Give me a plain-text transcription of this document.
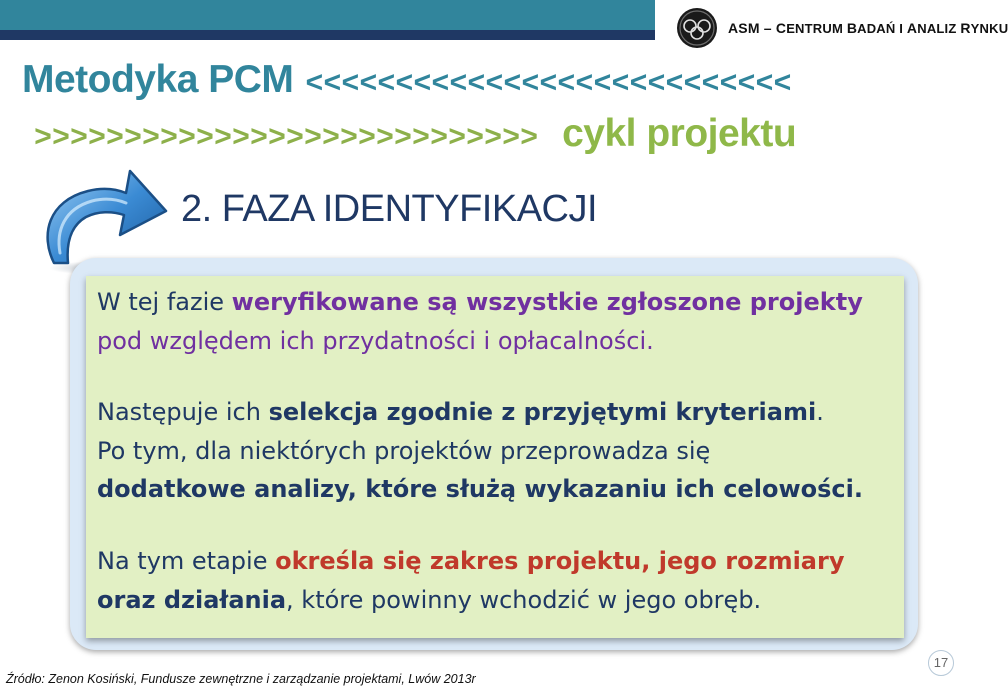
ASM – CENTRUM BADAŃ I ANALIZ RYNKU
Metodyka PCM <<<<<<<<<<<<<<<<<<<<<<<<<<<
>>>>>>>>>>>>>>>>>>>>>>>>>>>> cykl projektu
2. FAZA IDENTYFIKACJI

W tej fazie weryfikowane są wszystkie zgłoszone projekty
pod względem ich przydatności i opłacalności.

Następuje ich selekcja zgodnie z przyjętymi kryteriami.
Po tym, dla niektórych projektów przeprowadza się
dodatkowe analizy, które służą wykazaniu ich celowości.

Na tym etapie określa się zakres projektu, jego rozmiary
oraz działania, które powinny wchodzić w jego obręb.

Źródło: Zenon Kosiński, Fundusze zewnętrzne i zarządzanie projektami, Lwów 2013r
17
